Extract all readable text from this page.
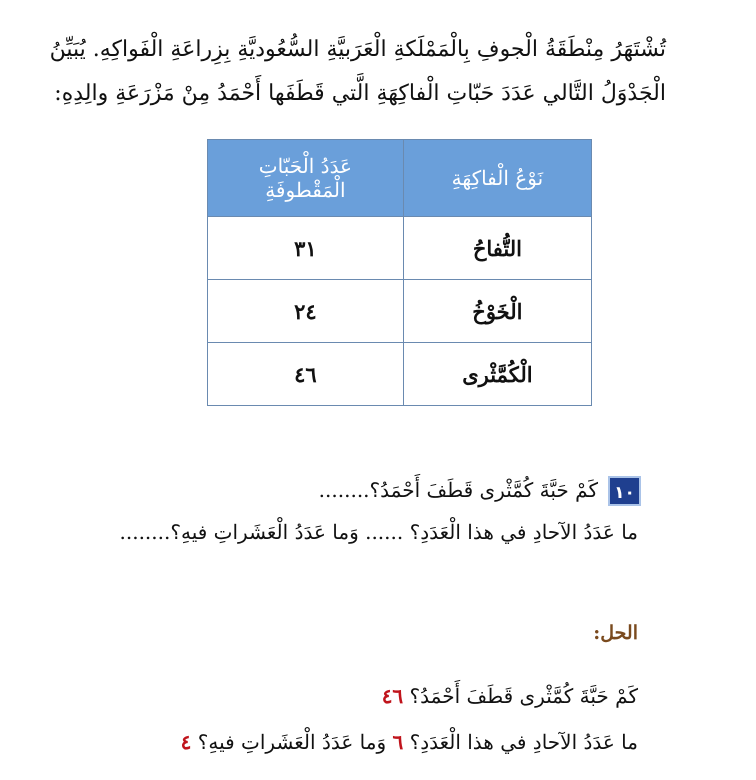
تُشْتَهَرُ مِنْطَقَةُ الْجوفِ بِالْمَمْلَكةِ الْعَرَبيَّةِ السُّعُوديَّةِ بِزِراعَةِ الْفَواكِهِ. يُبَيِّنُ
الْجَدْوَلُ التَّالي عَدَدَ حَبّاتِ الْفاكِهَةِ الَّتي قَطَفَها أَحْمَدُ مِنْ مَزْرَعَةِ والِدِهِ:
نَوْعُ الْفاكِهَةِ	عَدَدُ الْحَبّاتِ الْمَقْطوفَةِ
التُّفاحُ	٣١
الْخَوْخُ	٢٤
الْكُمَّثْرى	٤٦
١٠
كَمْ حَبَّةَ كُمَّثْرى قَطَفَ أَحْمَدُ؟........
ما عَدَدُ الآحادِ في هذا الْعَدَدِ؟ ...... وَما عَدَدُ الْعَشَراتِ فيهِ؟........
الحل:
كَمْ حَبَّةَ كُمَّثْرى قَطَفَ أَحْمَدُ؟ ٤٦
ما عَدَدُ الآحادِ في هذا الْعَدَدِ؟ ٦ وَما عَدَدُ الْعَشَراتِ فيهِ؟ ٤
